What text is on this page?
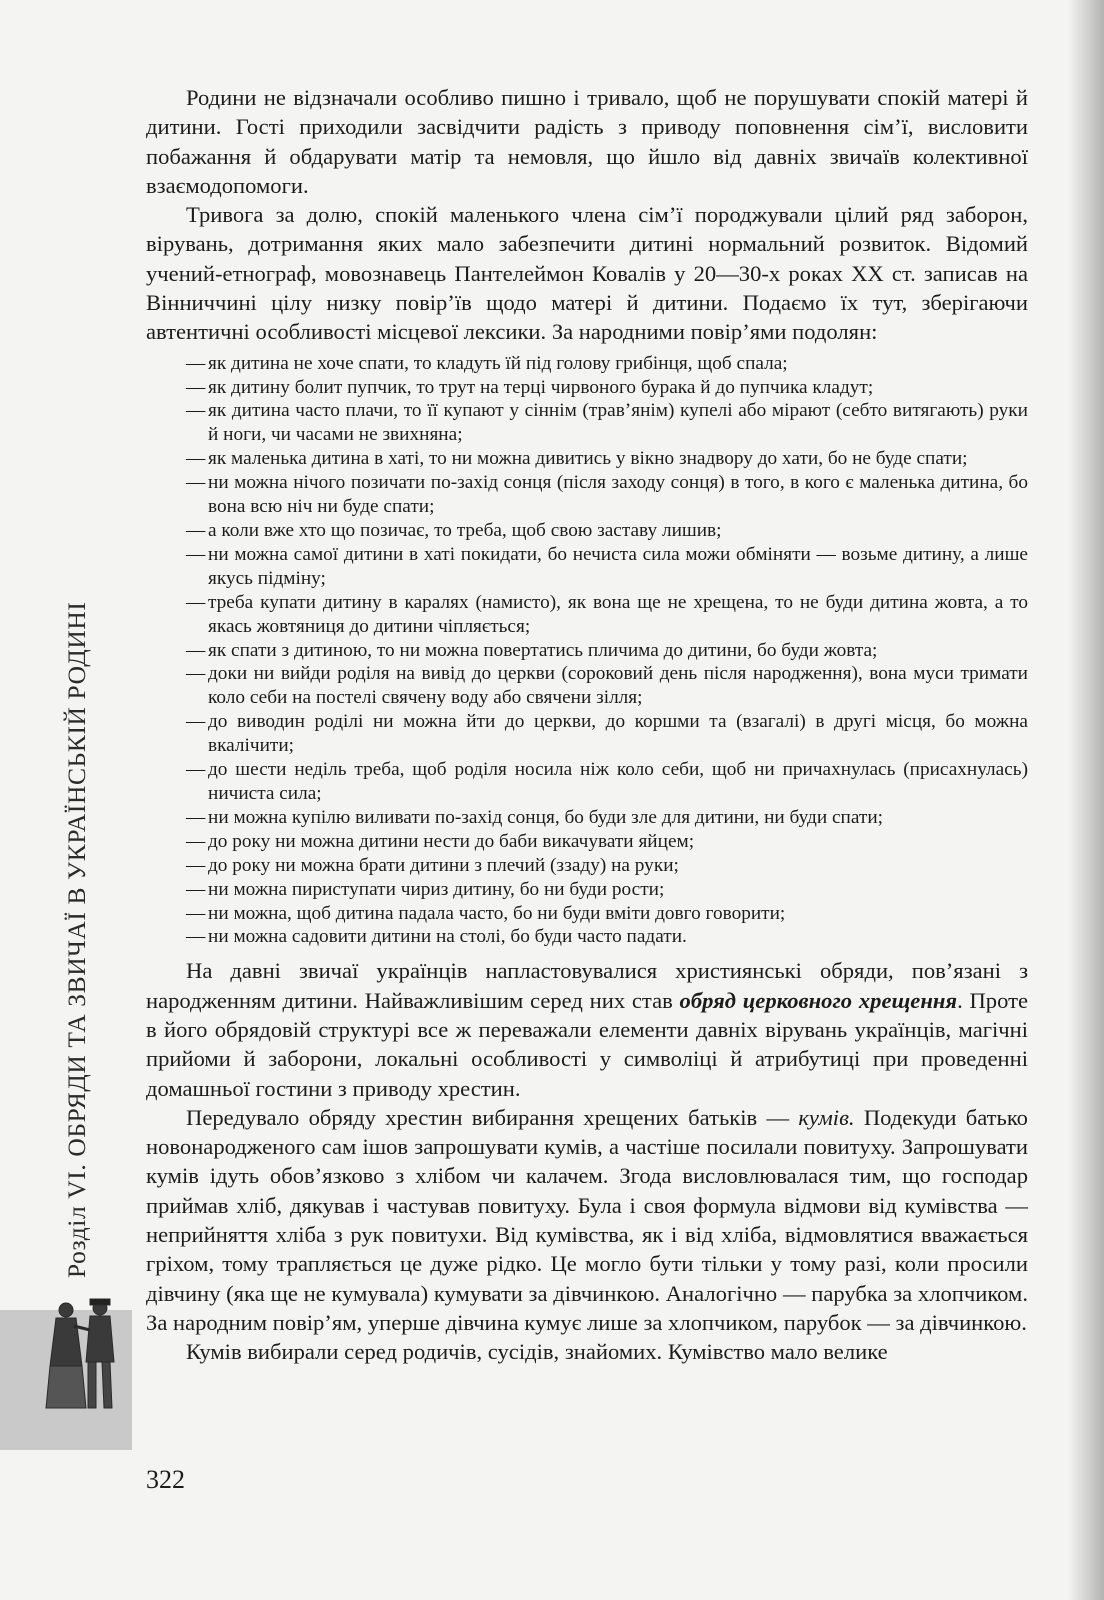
Родини не відзначали особливо пишно і тривало, щоб не порушувати спокій матері й дитини. Гості приходили засвідчити радість з приводу поповнення сім’ї, висловити побажання й обдарувати матір та немовля, що йшло від давніх звичаїв колективної взаємодопомоги.

Тривога за долю, спокій маленького члена сім’ї породжували цілий ряд заборон, вірувань, дотримання яких мало забезпечити дитині нормальний розвиток. Відомий учений-етнограф, мовознавець Пантелеймон Ковалів у 20—30-х роках XX ст. записав на Вінниччині цілу низку повір’їв щодо матері й дитини. Подаємо їх тут, зберігаючи автентичні особливості місцевої лексики. За народними повір’ями подолян:

— як дитина не хоче спати, то кладуть їй під голову грибінця, щоб спала;
— як дитину болит пупчик, то трут на терці чирвоного бурака й до пупчика кладут;
— як дитина часто плачи, то її купают у сіннім (трав’янім) купелі або мірают (себто витягають) руки й ноги, чи часами не звихняна;
— як маленька дитина в хаті, то ни можна дивитись у вікно знадвору до хати, бо не буде спати;
— ни можна нічого позичати по-захід сонця (після заходу сонця) в того, в кого є маленька дитина, бо вона всю ніч ни буде спати;
— а коли вже хто що позичає, то треба, щоб свою заставу лишив;
— ни можна самої дитини в хаті покидати, бо нечиста сила можи обміняти — возьме дитину, а лише якусь підміну;
— треба купати дитину в каралях (намисто), як вона ще не хрещена, то не буди дитина жовта, а то якась жовтяниця до дитини чіпляється;
— як спати з дитиною, то ни можна повертатись пличима до дитини, бо буди жовта;
— доки ни вийди роділя на вивід до церкви (сороковий день після народження), вона муси тримати коло себи на постелі свячену воду або свячени зілля;
— до виводин роділі ни можна йти до церкви, до коршми та (взагалі) в другі місця, бо можна вкалічити;
— до шести неділь треба, щоб роділя носила ніж коло себи, щоб ни причахнулась (присахнулась) ничиста сила;
— ни можна купілю виливати по-захід сонця, бо буди зле для дитини, ни буди спати;
— до року ни можна дитини нести до баби викачувати яйцем;
— до року ни можна брати дитини з плечий (ззаду) на руки;
— ни можна пириступати чириз дитину, бо ни буди рости;
— ни можна, щоб дитина падала часто, бо ни буди вміти довго говорити;
— ни можна садовити дитини на столі, бо буди часто падати.

На давні звичаї українців напластовувалися християнські обряди, пов’язані з народженням дитини. Найважливішим серед них став обряд церковного хрещення. Проте в його обрядовій структурі все ж переважали елементи давніх вірувань українців, магічні прийоми й заборони, локальні особливості у символіці й атрибутиці при проведенні домашньої гостини з приводу хрестин.

Передувало обряду хрестин вибирання хрещених батьків — кумів. Подекуди батько новонародженого сам ішов запрошувати кумів, а частіше посилали повитуху. Запрошувати кумів ідуть обов’язково з хлібом чи калачем. Згода висловлювалася тим, що господар приймав хліб, дякував і частував повитуху. Була і своя формула відмови від кумівства — неприйняття хліба з рук повитухи. Від кумівства, як і від хліба, відмовлятися вважається гріхом, тому трапляється це дуже рідко. Це могло бути тільки у тому разі, коли просили дівчину (яка ще не кумувала) кумувати за дівчинкою. Аналогічно — парубка за хлопчиком. За народним повір’ям, уперше дівчина кумує лише за хлопчиком, парубок — за дівчинкою.

Кумів вибирали серед родичів, сусідів, знайомих. Кумівство мало велике

Розділ VI. ОБРЯДИ ТА ЗВИЧАЇ В УКРАЇНСЬКІЙ РОДИНІ
322
